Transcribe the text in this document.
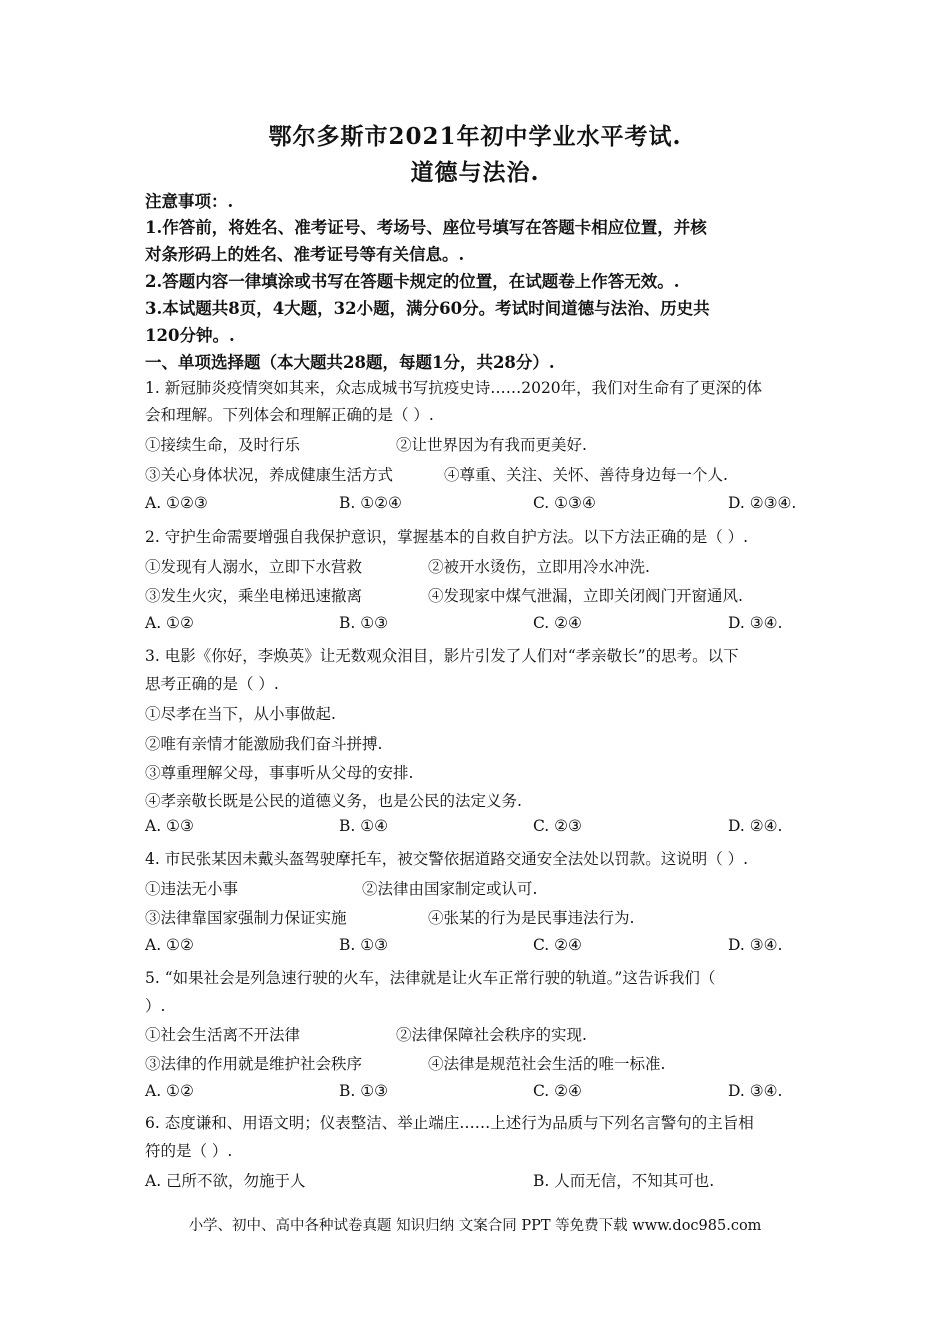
鄂尔多斯市2021年初中学业水平考试.
道德与法治.
注意事项：.
1.作答前，将姓名、准考证号、考场号、座位号填写在答题卡相应位置，并核
对条形码上的姓名、准考证号等有关信息。.
2.答题内容一律填涂或书写在答题卡规定的位置，在试题卷上作答无效。.
3.本试题共8页，4大题，32小题，满分60分。考试时间道德与法治、历史共
120分钟。.
一、单项选择题（本大题共28题，每题1分，共28分）.
1. 新冠肺炎疫情突如其来，众志成城书写抗疫史诗……2020年，我们对生命有了更深的体
会和理解。下列体会和理解正确的是（ ）.
①接续生命，及时行乐	②让世界因为有我而更美好.
③关心身体状况，养成健康生活方式	④尊重、关注、关怀、善待身边每一个人.
A. ①②③	B. ①②④	C. ①③④	D. ②③④.
2. 守护生命需要增强自我保护意识，掌握基本的自救自护方法。以下方法正确的是（ ）.
①发现有人溺水，立即下水营救	②被开水烫伤，立即用冷水冲洗.
③发生火灾，乘坐电梯迅速撤离	④发现家中煤气泄漏，立即关闭阀门开窗通风.
A. ①②	B. ①③	C. ②④	D. ③④.
3. 电影《你好，李焕英》让无数观众泪目，影片引发了人们对“孝亲敬长”的思考。以下
思考正确的是（ ）.
①尽孝在当下，从小事做起.
②唯有亲情才能激励我们奋斗拼搏.
③尊重理解父母，事事听从父母的安排.
④孝亲敬长既是公民的道德义务，也是公民的法定义务.
A. ①③	B. ①④	C. ②③	D. ②④.
4. 市民张某因未戴头盔驾驶摩托车，被交警依据道路交通安全法处以罚款。这说明（ ）.
①违法无小事	②法律由国家制定或认可.
③法律靠国家强制力保证实施	④张某的行为是民事违法行为.
A. ①②	B. ①③	C. ②④	D. ③④.
5. “如果社会是列急速行驶的火车，法律就是让火车正常行驶的轨道。”这告诉我们（
）.
①社会生活离不开法律	②法律保障社会秩序的实现.
③法律的作用就是维护社会秩序	④法律是规范社会生活的唯一标准.
A. ①②	B. ①③	C. ②④	D. ③④.
6. 态度谦和、用语文明；仪表整洁、举止端庄……上述行为品质与下列名言警句的主旨相
符的是（ ）.
A. 己所不欲，勿施于人	B. 人而无信，不知其可也.
小学、初中、高中各种试卷真题 知识归纳 文案合同 PPT 等免费下载 www.doc985.com
